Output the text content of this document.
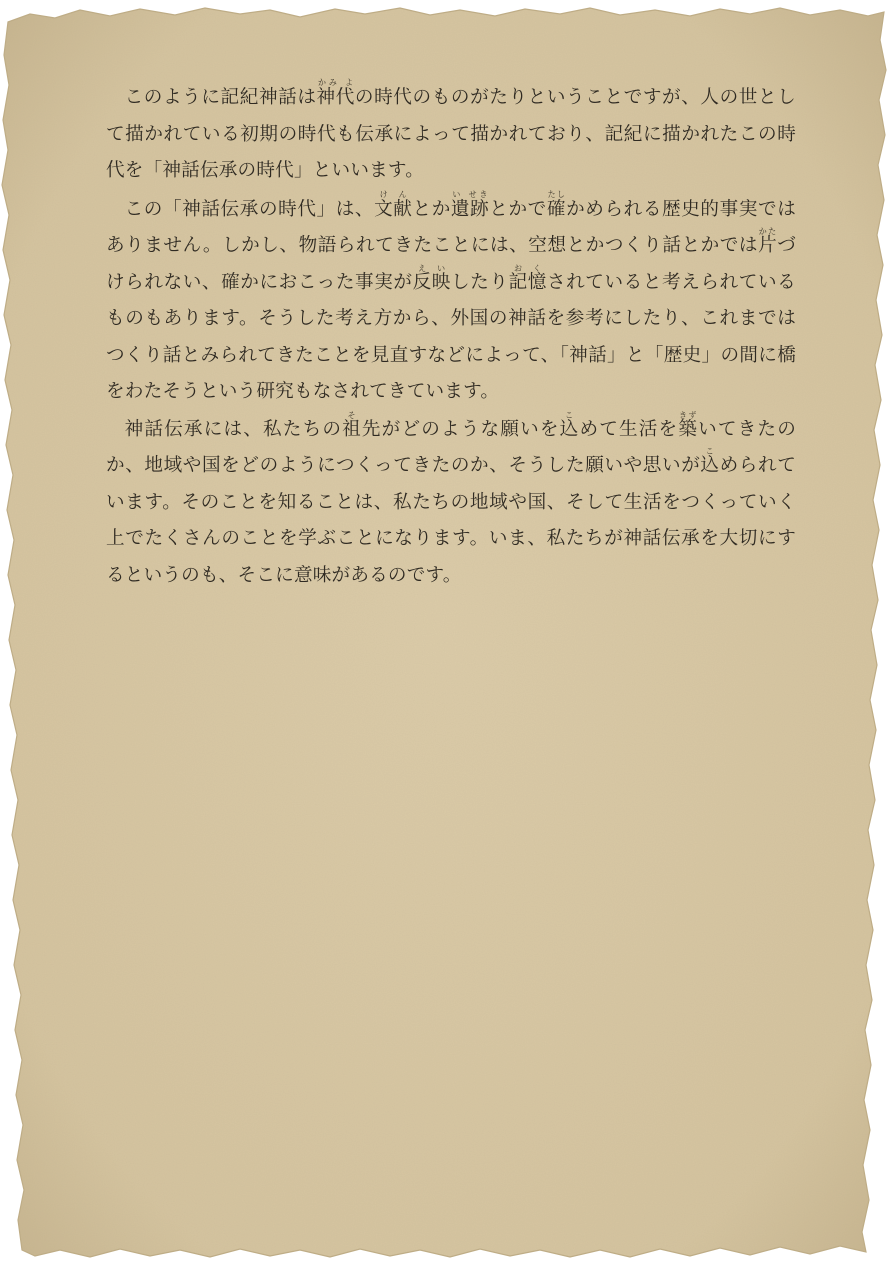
このように記紀神話は神代かみ よの時代のものがたりということですが、人の世として描かれている初期の時代も伝承によって描かれており、記紀に描かれたこの時代を「神話伝承の時代」といいます。

この「神話伝承の時代」は、文献けんとか遺跡い せきとかで確たしかめられる歴史的事実ではありません。しかし、物語られてきたことには、空想とかつくり話とかでは片かたづけられない、確かにおこった事実が反映えいしたり記憶おくされていると考えられているものもあります。そうした考え方から、外国の神話を参考にしたり、これまではつくり話とみられてきたことを見直すなどによって、「神話」と「歴史」の間に橋をわたそうという研究もなされてきています。

神話伝承には、私たちの祖そ先がどのような願いを込こめて生活を築きずいてきたのか、地域や国をどのようにつくってきたのか、そうした願いや思いが込こめられています。そのことを知ることは、私たちの地域や国、そして生活をつくっていく上でたくさんのことを学ぶことになります。いま、私たちが神話伝承を大切にするというのも、そこに意味があるのです。
